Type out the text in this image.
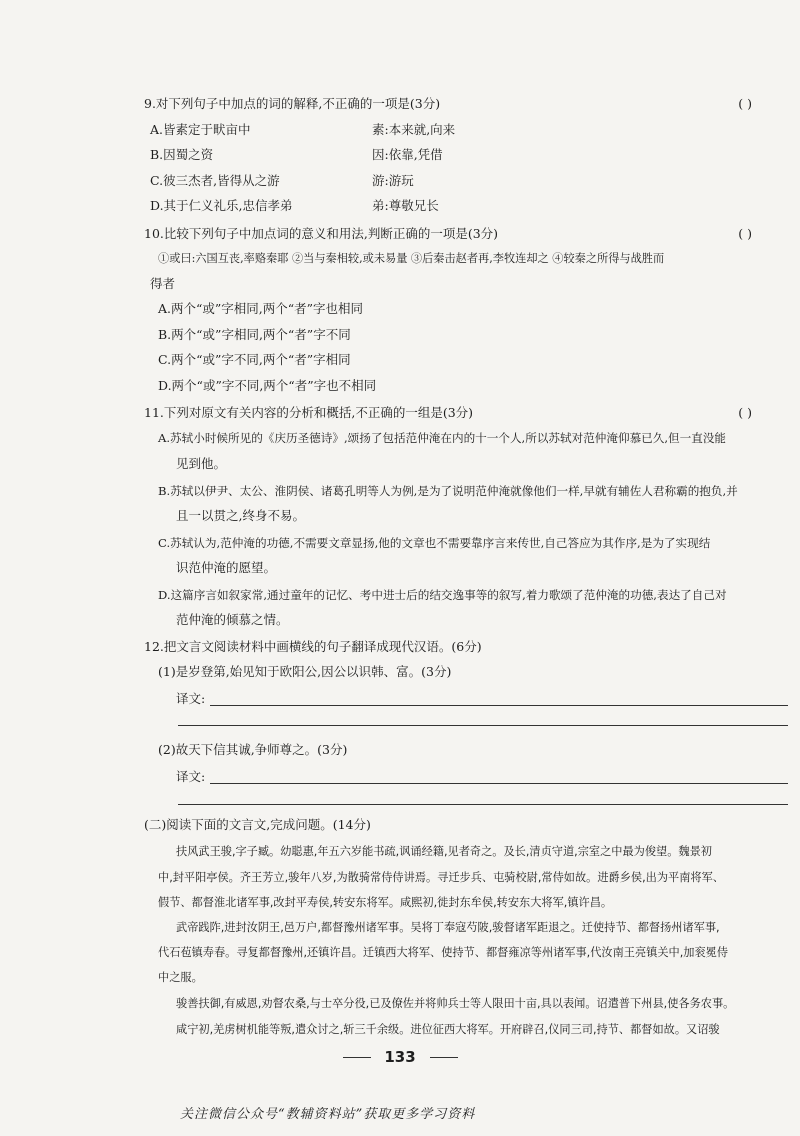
9.对下列句子中加点的词的解释,不正确的一项是(3分)	( )
A.皆素定于畎亩中	素:本来就,向来
B.因蜀之资	因:依靠,凭借
C.彼三杰者,皆得从之游	游:游玩
D.其于仁义礼乐,忠信孝弟	弟:尊敬兄长
10.比较下列句子中加点词的意义和用法,判断正确的一项是(3分)	( )
①或曰:六国互丧,率赂秦耶 ②当与秦相较,或未易量 ③后秦击赵者再,李牧连却之 ④较秦之所得与战胜而
得者
A.两个“或”字相同,两个“者”字也相同
B.两个“或”字相同,两个“者”字不同
C.两个“或”字不同,两个“者”字相同
D.两个“或”字不同,两个“者”字也不相同
11.下列对原文有关内容的分析和概括,不正确的一组是(3分)	( )
A.苏轼小时候所见的《庆历圣德诗》,颂扬了包括范仲淹在内的十一个人,所以苏轼对范仲淹仰慕已久,但一直没能
见到他。
B.苏轼以伊尹、太公、淮阴侯、诸葛孔明等人为例,是为了说明范仲淹就像他们一样,早就有辅佐人君称霸的抱负,并
且一以贯之,终身不易。
C.苏轼认为,范仲淹的功德,不需要文章显扬,他的文章也不需要靠序言来传世,自己答应为其作序,是为了实现结
识范仲淹的愿望。
D.这篇序言如叙家常,通过童年的记忆、考中进士后的结交逸事等的叙写,着力歌颂了范仲淹的功德,表达了自己对
范仲淹的倾慕之情。
12.把文言文阅读材料中画横线的句子翻译成现代汉语。(6分)
(1)是岁登第,始见知于欧阳公,因公以识韩、富。(3分)
译文:
(2)故天下信其诚,争师尊之。(3分)
译文:
(二)阅读下面的文言文,完成问题。(14分)
扶风武王骏,字子臧。幼聪惠,年五六岁能书疏,讽诵经籍,见者奇之。及长,清贞守道,宗室之中最为俊望。魏景初
中,封平阳亭侯。齐王芳立,骏年八岁,为散骑常侍侍讲焉。寻迁步兵、屯骑校尉,常侍如故。进爵乡侯,出为平南将军、
假节、都督淮北诸军事,改封平寿侯,转安东将军。咸熙初,徙封东牟侯,转安东大将军,镇许昌。
武帝践阼,进封汝阴王,邑万户,都督豫州诸军事。吴将丁奉寇芍陂,骏督诸军距退之。迁使持节、都督扬州诸军事,
代石苞镇寿春。寻复都督豫州,还镇许昌。迁镇西大将军、使持节、都督雍凉等州诸军事,代汝南王亮镇关中,加衮冕侍
中之服。
骏善扶御,有威恩,劝督农桑,与士卒分役,已及僚佐并将帅兵士等人限田十亩,具以表闻。诏遣普下州县,使各务农事。
咸宁初,羌虏树机能等叛,遣众讨之,斩三千余级。进位征西大将军。开府辟召,仪同三司,持节、都督如故。又诏骏
133
关注微信公众号“教辅资料站”获取更多学习资料
